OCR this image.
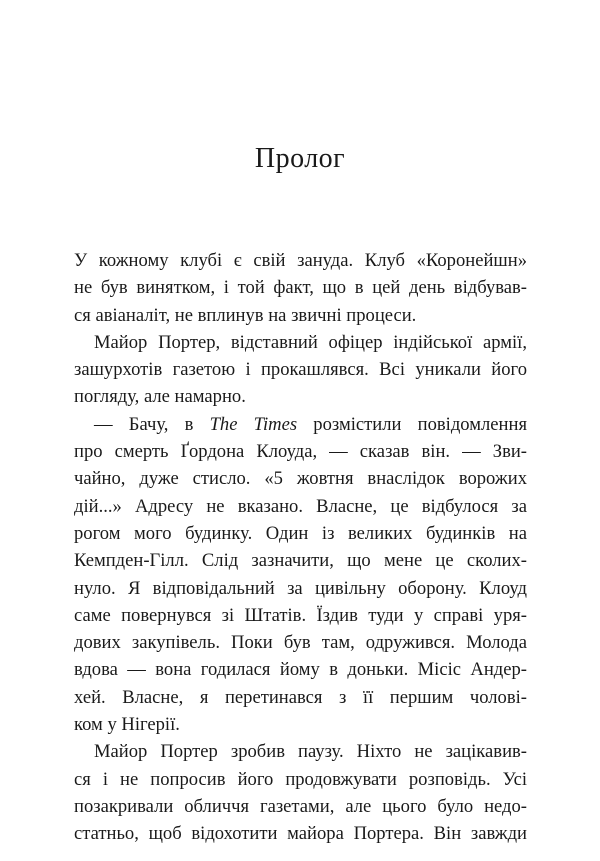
Пролог
У кожному клубі є свій зануда. Клуб «Коронейшн»
не був винятком, і той факт, що в цей день відбував-
ся авіаналіт, не вплинув на звичні процеси.
Майор Портер, відставний офіцер індійської армії,
зашурхотів газетою і прокашлявся. Всі уникали його
погляду, але намарно.
— Бачу, в The Times розмістили повідомлення
про смерть Ґордона Клоуда, — сказав він. — Зви-
чайно, дуже стисло. «5 жовтня внаслідок ворожих
дій...» Адресу не вказано. Власне, це відбулося за
рогом мого будинку. Один із великих будинків на
Кемпден-Гілл. Слід зазначити, що мене це сколих-
нуло. Я відповідальний за цивільну оборону. Клоуд
саме повернувся зі Штатів. Їздив туди у справі уря-
дових закупівель. Поки був там, одружився. Молода
вдова — вона годилася йому в доньки. Місіс Андер-
хей. Власне, я перетинався з її першим чолові-
ком у Нігерії.
Майор Портер зробив паузу. Ніхто не зацікавив-
ся і не попросив його продовжувати розповідь. Усі
позакривали обличчя газетами, але цього було недо-
статньо, щоб відохотити майора Портера. Він завжди
